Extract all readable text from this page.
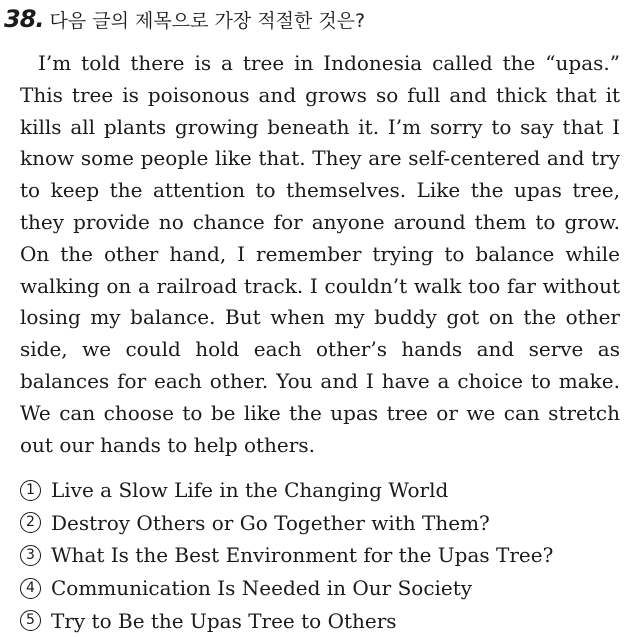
38. 다음 글의 제목으로 가장 적절한 것은?

I’m told there is a tree in Indonesia called the “upas.” This tree is poisonous and grows so full and thick that it kills all plants growing beneath it. I’m sorry to say that I know some people like that. They are self-centered and try to keep the attention to themselves. Like the upas tree, they provide no chance for anyone around them to grow. On the other hand, I remember trying to balance while walking on a railroad track. I couldn’t walk too far without losing my balance. But when my buddy got on the other side, we could hold each other’s hands and serve as balances for each other. You and I have a choice to make. We can choose to be like the upas tree or we can stretch out our hands to help others.

1 Live a Slow Life in the Changing World
2 Destroy Others or Go Together with Them?
3 What Is the Best Environment for the Upas Tree?
4 Communication Is Needed in Our Society
5 Try to Be the Upas Tree to Others
